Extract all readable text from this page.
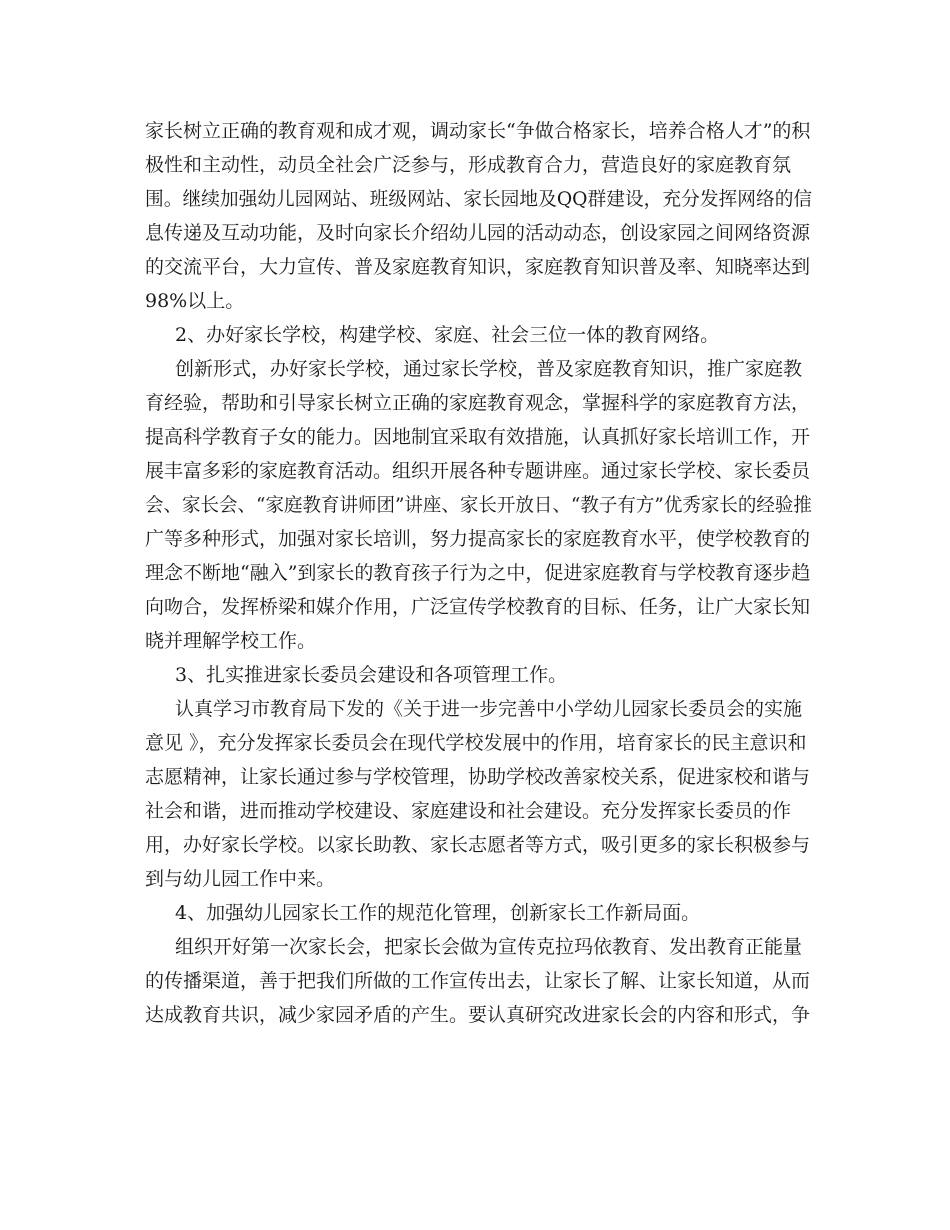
家长树立正确的教育观和成才观，调动家长“争做合格家长，培养合格人才”的积
极性和主动性，动员全社会广泛参与，形成教育合力，营造良好的家庭教育氛
围。继续加强幼儿园网站、班级网站、家长园地及QQ群建设，充分发挥网络的信
息传递及互动功能，及时向家长介绍幼儿园的活动动态，创设家园之间网络资源
的交流平台，大力宣传、普及家庭教育知识，家庭教育知识普及率、知晓率达到
98%以上。
2、办好家长学校，构建学校、家庭、社会三位一体的教育网络。
创新形式，办好家长学校，通过家长学校，普及家庭教育知识，推广家庭教
育经验，帮助和引导家长树立正确的家庭教育观念，掌握科学的家庭教育方法，
提高科学教育子女的能力。因地制宜采取有效措施，认真抓好家长培训工作，开
展丰富多彩的家庭教育活动。组织开展各种专题讲座。通过家长学校、家长委员
会、家长会、“家庭教育讲师团”讲座、家长开放日、“教子有方”优秀家长的经验推
广等多种形式，加强对家长培训，努力提高家长的家庭教育水平，使学校教育的
理念不断地“融入”到家长的教育孩子行为之中，促进家庭教育与学校教育逐步趋
向吻合，发挥桥梁和媒介作用，广泛宣传学校教育的目标、任务，让广大家长知
晓并理解学校工作。
3、扎实推进家长委员会建设和各项管理工作。
认真学习市教育局下发的《关于进一步完善中小学幼儿园家长委员会的实施
意见 》，充分发挥家长委员会在现代学校发展中的作用，培育家长的民主意识和
志愿精神，让家长通过参与学校管理，协助学校改善家校关系，促进家校和谐与
社会和谐，进而推动学校建设、家庭建设和社会建设。充分发挥家长委员的作
用，办好家长学校。以家长助教、家长志愿者等方式，吸引更多的家长积极参与
到与幼儿园工作中来。
4、加强幼儿园家长工作的规范化管理，创新家长工作新局面。
组织开好第一次家长会，把家长会做为宣传克拉玛依教育、发出教育正能量
的传播渠道，善于把我们所做的工作宣传出去，让家长了解、让家长知道，从而
达成教育共识，减少家园矛盾的产生。要认真研究改进家长会的内容和形式，争
